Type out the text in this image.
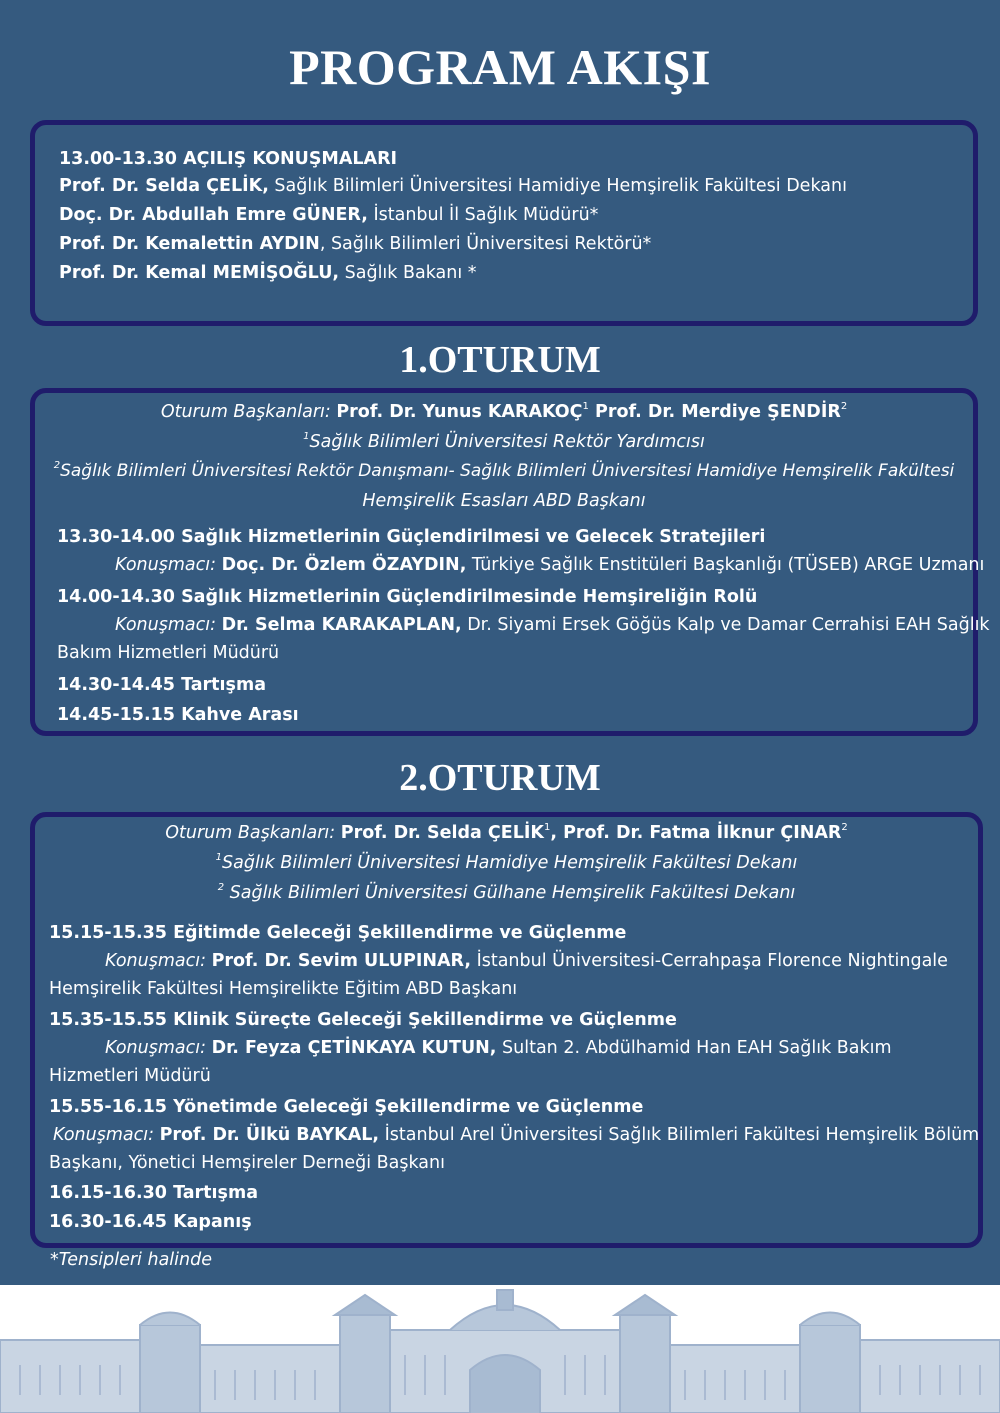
PROGRAM AKIŞI
13.00-13.30 AÇILIŞ KONUŞMALARI
Prof. Dr. Selda ÇELİK, Sağlık Bilimleri Üniversitesi Hamidiye Hemşirelik Fakültesi Dekanı
Doç. Dr. Abdullah Emre GÜNER, İstanbul İl Sağlık Müdürü*
Prof. Dr. Kemalettin AYDIN, Sağlık Bilimleri Üniversitesi Rektörü*
Prof. Dr. Kemal MEMİŞOĞLU, Sağlık Bakanı *
1.OTURUM
Oturum Başkanları: Prof. Dr. Yunus KARAKOÇ$^1$ Prof. Dr. Merdiye ŞENDİR$^2$
$^1$Sağlık Bilimleri Üniversitesi Rektör Yardımcısı
$^2$Sağlık Bilimleri Üniversitesi Rektör Danışmanı- Sağlık Bilimleri Üniversitesi Hamidiye Hemşirelik Fakültesi
Hemşirelik Esasları ABD Başkanı
13.30-14.00 Sağlık Hizmetlerinin Güçlendirilmesi ve Gelecek Stratejileri
Konuşmacı: Doç. Dr. Özlem ÖZAYDIN, Türkiye Sağlık Enstitüleri Başkanlığı (TÜSEB) ARGE Uzmanı
14.00-14.30 Sağlık Hizmetlerinin Güçlendirilmesinde Hemşireliğin Rolü
Konuşmacı: Dr. Selma KARAKAPLAN, Dr. Siyami Ersek Göğüs Kalp ve Damar Cerrahisi EAH Sağlık
Bakım Hizmetleri Müdürü
14.30-14.45 Tartışma
14.45-15.15 Kahve Arası
2.OTURUM
Oturum Başkanları: Prof. Dr. Selda ÇELİK$^1$, Prof. Dr. Fatma İlknur ÇINAR$^2$
$^1$Sağlık Bilimleri Üniversitesi Hamidiye Hemşirelik Fakültesi Dekanı
$^2$ Sağlık Bilimleri Üniversitesi Gülhane Hemşirelik Fakültesi Dekanı
15.15-15.35 Eğitimde Geleceği Şekillendirme ve Güçlenme
Konuşmacı: Prof. Dr. Sevim ULUPINAR, İstanbul Üniversitesi-Cerrahpaşa Florence Nightingale
Hemşirelik Fakültesi Hemşirelikte Eğitim ABD Başkanı
15.35-15.55 Klinik Süreçte Geleceği Şekillendirme ve Güçlenme
Konuşmacı: Dr. Feyza ÇETİNKAYA KUTUN, Sultan 2. Abdülhamid Han EAH Sağlık Bakım
Hizmetleri Müdürü
15.55-16.15 Yönetimde Geleceği Şekillendirme ve Güçlenme
Konuşmacı: Prof. Dr. Ülkü BAYKAL, İstanbul Arel Üniversitesi Sağlık Bilimleri Fakültesi Hemşirelik Bölüm
Başkanı, Yönetici Hemşireler Derneği Başkanı
16.15-16.30 Tartışma
16.30-16.45 Kapanış
*Tensipleri halinde
